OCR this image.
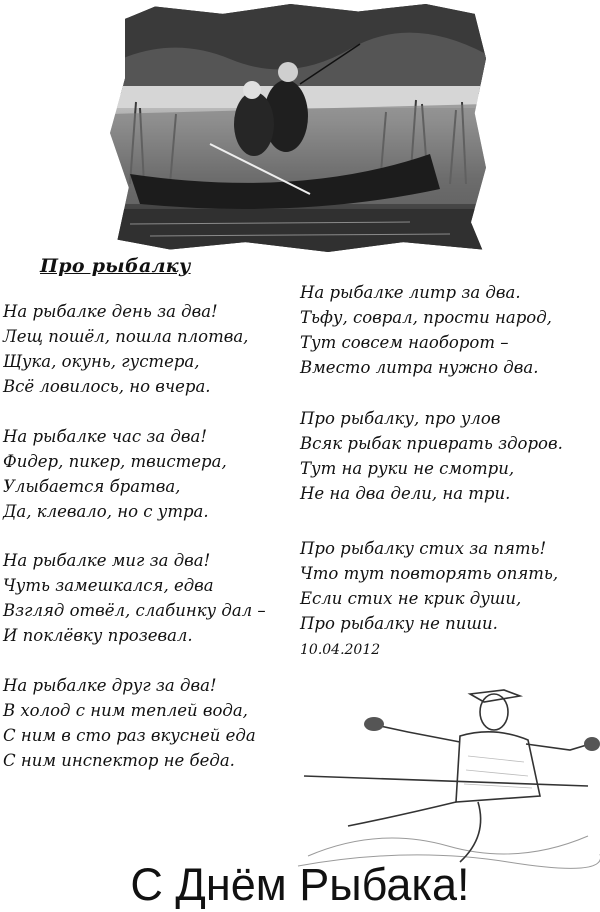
Про рыбалку
На рыбалке день за два!
Лещ пошёл, пошла плотва,
Щука, окунь, густера,
Всё ловилось, но вчера.
На рыбалке час за два!
Фидер, пикер, твистера,
Улыбается братва,
Да, клевало, но с утра.
На рыбалке миг за два!
Чуть замешкался, едва
Взгляд отвёл, слабинку дал –
И поклёвку прозевал.
На рыбалке друг за два!
В холод с ним теплей вода,
С ним в сто раз вкусней еда
С ним инспектор не беда.
На рыбалке литр за два.
Тьфу, соврал, прости народ,
Тут совсем наоборот –
Вместо литра нужно два.
Про рыбалку, про улов
Всяк рыбак приврать здоров.
Тут на руки не смотри,
Не на два дели, на три.
Про рыбалку стих за пять!
Что тут повторять опять,
Если стих не крик души,
Про рыбалку не пиши.
10.04.2012
С Днём Рыбака!
